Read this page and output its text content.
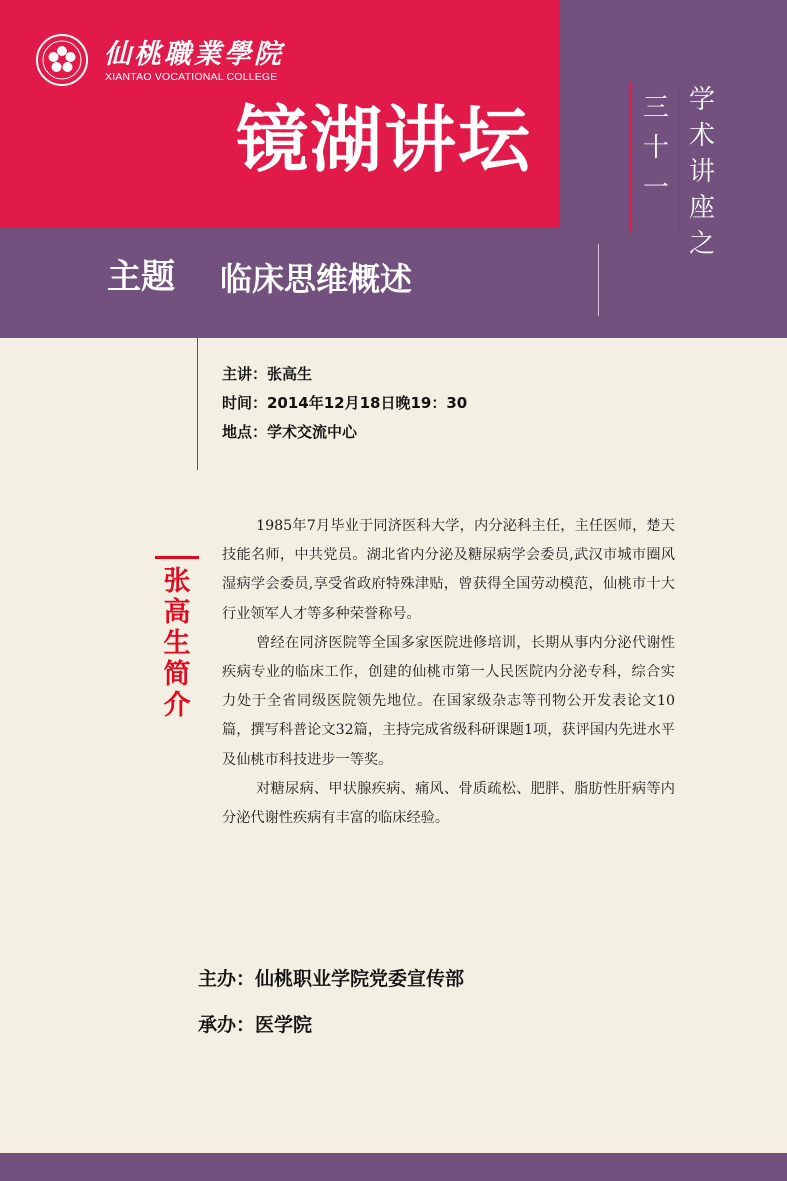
仙桃職業學院
XIANTAO VOCATIONAL COLLEGE
镜湖讲坛	三十一
学术讲座之
主题 临床思维概述
主讲：张高生
时间：2014年12月18日晚19：30
地点：学术交流中心
张高生简介

1985年7月毕业于同济医科大学，内分泌科主任，主任医师，楚天技能名师，中共党员。湖北省内分泌及糖尿病学会委员,武汉市城市圈风湿病学会委员,享受省政府特殊津贴，曾获得全国劳动模范，仙桃市十大行业领军人才等多种荣誉称号。

曾经在同济医院等全国多家医院进修培训，长期从事内分泌代谢性疾病专业的临床工作，创建的仙桃市第一人民医院内分泌专科，综合实力处于全省同级医院领先地位。在国家级杂志等刊物公开发表论文10篇，撰写科普论文32篇，主持完成省级科研课题1项，获评国内先进水平及仙桃市科技进步一等奖。

对糖尿病、甲状腺疾病、痛风、骨质疏松、肥胖、脂肪性肝病等内分泌代谢性疾病有丰富的临床经验。

主办：仙桃职业学院党委宣传部
承办：医学院
